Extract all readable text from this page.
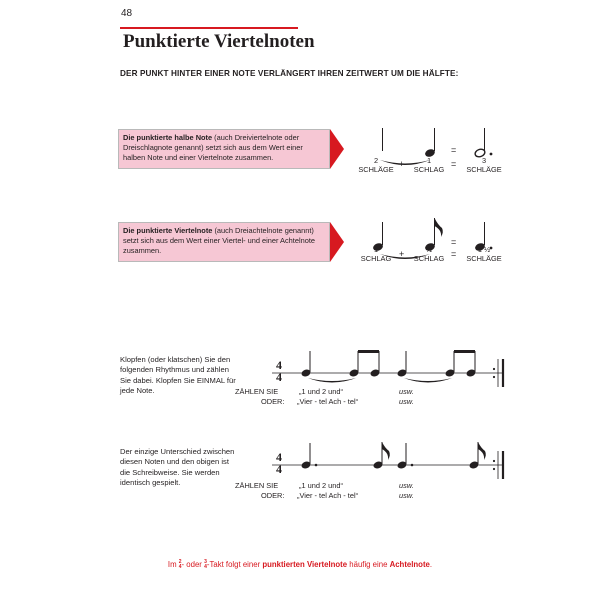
48
Punktierte Viertelnoten
DER PUNKT HINTER EINER NOTE VERLÄNGERT IHREN ZEITWERT UM DIE HÄLFTE:
Die punktierte halbe Note (auch Dreiviertelnote oder Dreischlagnote genannt) setzt sich aus dem Wert einer halben Note und einer Viertelnote zusammen.
Die punktierte Viertelnote (auch Dreiachtelnote genannt) setzt sich aus dem Wert einer Viertel- und einer Achtelnote zusammen.
=
2
SCHLÄGE
+	1
SCHLAG
=	3
SCHLÄGE
=
1
SCHLAG +	½
SCHLAG =	1 ½
SCHLÄGE
Klopfen (oder klatschen) Sie den folgenden Rhythmus und zählen Sie dabei. Klopfen Sie EINMAL für jede Note.
4
4
ZÄHLEN SIE	„1 und 2 und“	usw.
ODER: „Vier - tel Ach - tel“	usw.
Der einzige Unterschied zwischen diesen Noten und den obigen ist die Schreibweise. Sie werden identisch gespielt.
4
4
ZÄHLEN SIE	„1 und 2 und“	usw.
ODER: „Vier - tel Ach - tel“	usw.
Im 2
4- oder 3
4-Takt folgt einer punktierten Viertelnote häufig eine Achtelnote.
